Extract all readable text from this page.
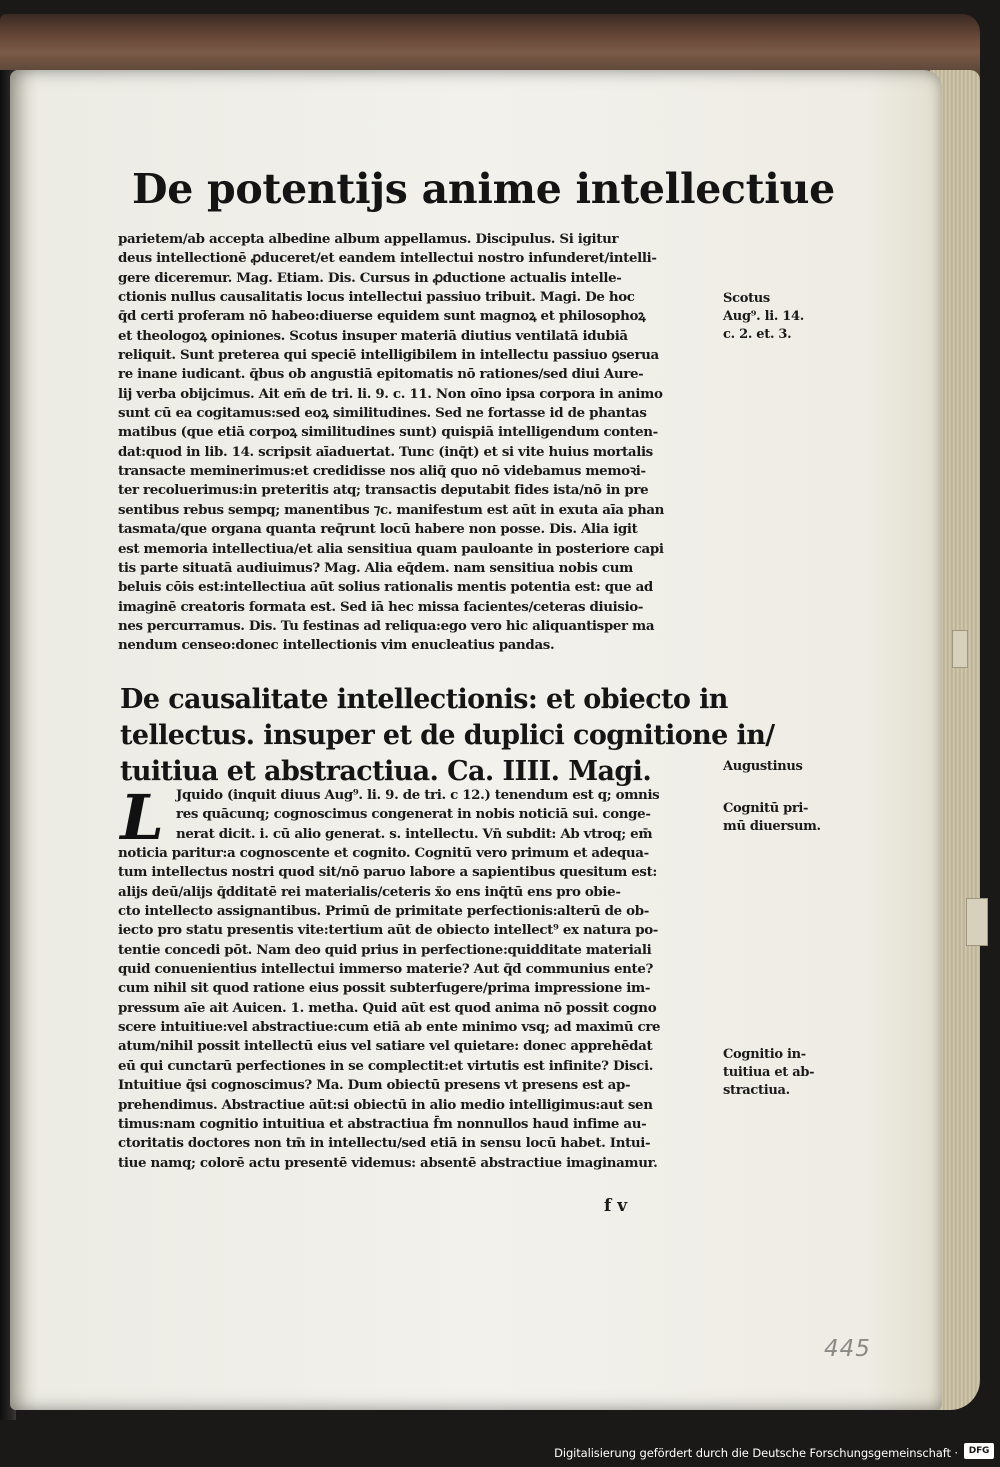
De potentijs anime intellectiue
parietem/ab accepta albedine album appellamus. Discipulus. Si igitur
deus intellectionē ꝓduceret/et eandem intellectui nostro infunderet/intelli-
gere diceremur. Mag. Etiam. Dis. Cursus in ꝓductione actualis intelle-
ctionis nullus causalitatis locus intellectui passiuo tribuit. Magi. De hoc
q̄d certi proferam nō habeo:diuerse equidem sunt magnoꝝ et philosophoꝝ
et theologoꝝ opiniones. Scotus insuper materiā diutius ventilatā idubiā
reliquit. Sunt preterea qui speciē intelligibilem in intellectu passiuo ꝯserua
re inane iudicant. q̄bus ob angustiā epitomatis nō rationes/sed diui Aure-
lij verba obijcimus. Ait em̄ de tri. li. 9. c. 11. Non oīno ipsa corpora in animo
sunt cū ea cogitamus:sed eoꝝ similitudines. Sed ne fortasse id de phantas
matibus (que etiā corpoꝝ similitudines sunt) quispiā intelligendum conten-
dat:quod in lib. 14. scripsit aīaduertat. Tunc (inq̄t) et si vite huius mortalis
transacte meminerimus:et credidisse nos aliq̄ quo nō videbamus memoꝛi-
ter recoluerimus:in preteritis atq; transactis deputabit fides ista/nō in pre
sentibus rebus sempq; manentibus ⁊c. manifestum est aūt in exuta aīa phan
tasmata/que organa quanta req̄runt locū habere non posse. Dis. Alia igit
est memoria intellectiua/et alia sensitiua quam pauloante in posteriore capi
tis parte situatā audiuimus? Mag. Alia eq̄dem. nam sensitiua nobis cum
beluis cōis est:intellectiua aūt solius rationalis mentis potentia est: que ad
imaginē creatoris formata est. Sed iā hec missa facientes/ceteras diuisio-
nes percurramus. Dis. Tu festinas ad reliqua:ego vero hic aliquantisper ma
nendum censeo:donec intellectionis vim enucleatius pandas.
De causalitate intellectionis: et obiecto in
tellectus. insuper et de duplici cognitione in/
tuitiua et abstractiua. Ca. IIII. Magi.
L Jquido (inquit diuus Aug⁹. li. 9. de tri. c 12.) tenendum est q; omnis
res quācunq; cognoscimus congenerat in nobis noticiā sui. conge-
nerat dicit. i. cū alio generat. s. intellectu. Vn̄ subdit: Ab vtroq; em̄
noticia paritur:a cognoscente et cognito. Cognitū vero primum et adequa-
tum intellectus nostri quod sit/nō paruo labore a sapientibus quesitum est:
alijs deū/alijs q̄dditatē rei materialis/ceteris x̄o ens inq̄tū ens pro obie-
cto intellecto assignantibus. Primū de primitate perfectionis:alterū de ob-
iecto pro statu presentis vite:tertium aūt de obiecto intellect⁹ ex natura po-
tentie concedi pōt. Nam deo quid prius in perfectione:quidditate materiali
quid conuenientius intellectui immerso materie? Aut q̄d communius ente?
cum nihil sit quod ratione eius possit subterfugere/prima impressione im-
pressum aīe ait Auicen. 1. metha. Quid aūt est quod anima nō possit cogno
scere intuitiue:vel abstractiue:cum etiā ab ente minimo vsq; ad maximū cre
atum/nihil possit intellectū eius vel satiare vel quietare: donec apprehēdat
eū qui cunctarū perfectiones in se complectit:et virtutis est infinite? Disci.
Intuitiue q̄si cognoscimus? Ma. Dum obiectū presens vt presens est ap-
prehendimus. Abstractiue aūt:si obiectū in alio medio intelligimus:aut sen
timus:nam cognitio intuitiua et abstractiua f̄m nonnullos haud infime au-
ctoritatis doctores non tm̄ in intellectu/sed etiā in sensu locū habet. Intui-
tiue namq; colorē actu presentē videmus: absentē abstractiue imaginamur.
Scotus
Aug⁹. li. 14.
c. 2. et. 3.
Augustinus
Cognitū pri-
mū diuersum.
Cognitio in-
tuitiua et ab-
stractiua.
f v
445
Digitalisierung gefördert durch die Deutsche Forschungsgemeinschaft ·	DFG
